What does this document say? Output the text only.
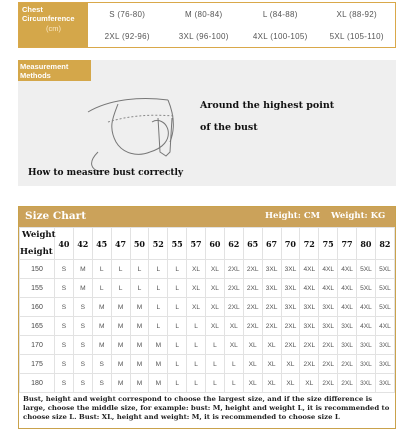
Chest Circumference
(cm)
S (76-80)	M (80-84)	L (84-88)	XL (88-92)
2XL (92-96)	3XL (96-100)	4XL (100-105)	5XL (105-110)
Measurement Methods
Around the highest point
of the bust
How to measure bust correctly
Size Chart	Height: CM Weight: KG
Weight
Height	40	42	45	47	50	52	55	57	60	62	65	67	70	72	75	77	80	82
150	S	M	L	L	L	L	L	XL	XL	2XL	2XL	3XL	3XL	4XL	4XL	4XL	5XL	5XL
155	S	M	L	L	L	L	L	XL	XL	2XL	2XL	3XL	3XL	4XL	4XL	4XL	5XL	5XL
160	S	S	M	M	M	L	L	XL	XL	2XL	2XL	2XL	3XL	3XL	3XL	4XL	4XL	5XL
165	S	S	M	M	M	L	L	L	XL	XL	2XL	2XL	2XL	3XL	3XL	3XL	4XL	4XL
170	S	S	M	M	M	M	L	L	L	XL	XL	XL	2XL	2XL	2XL	3XL	3XL	3XL
175	S	S	S	M	M	M	L	L	L	L	XL	XL	XL	2XL	2XL	2XL	3XL	3XL
180	S	S	S	M	M	M	L	L	L	L	XL	XL	XL	XL	2XL	2XL	3XL	3XL
Bust, height and weight correspond to choose the largest size, and if the size difference is large, choose the middle size, for example: bust: M, height and weight L, it is recommended to choose size L. Bust: XL, height and weight: M, it is recommended to choose size L
